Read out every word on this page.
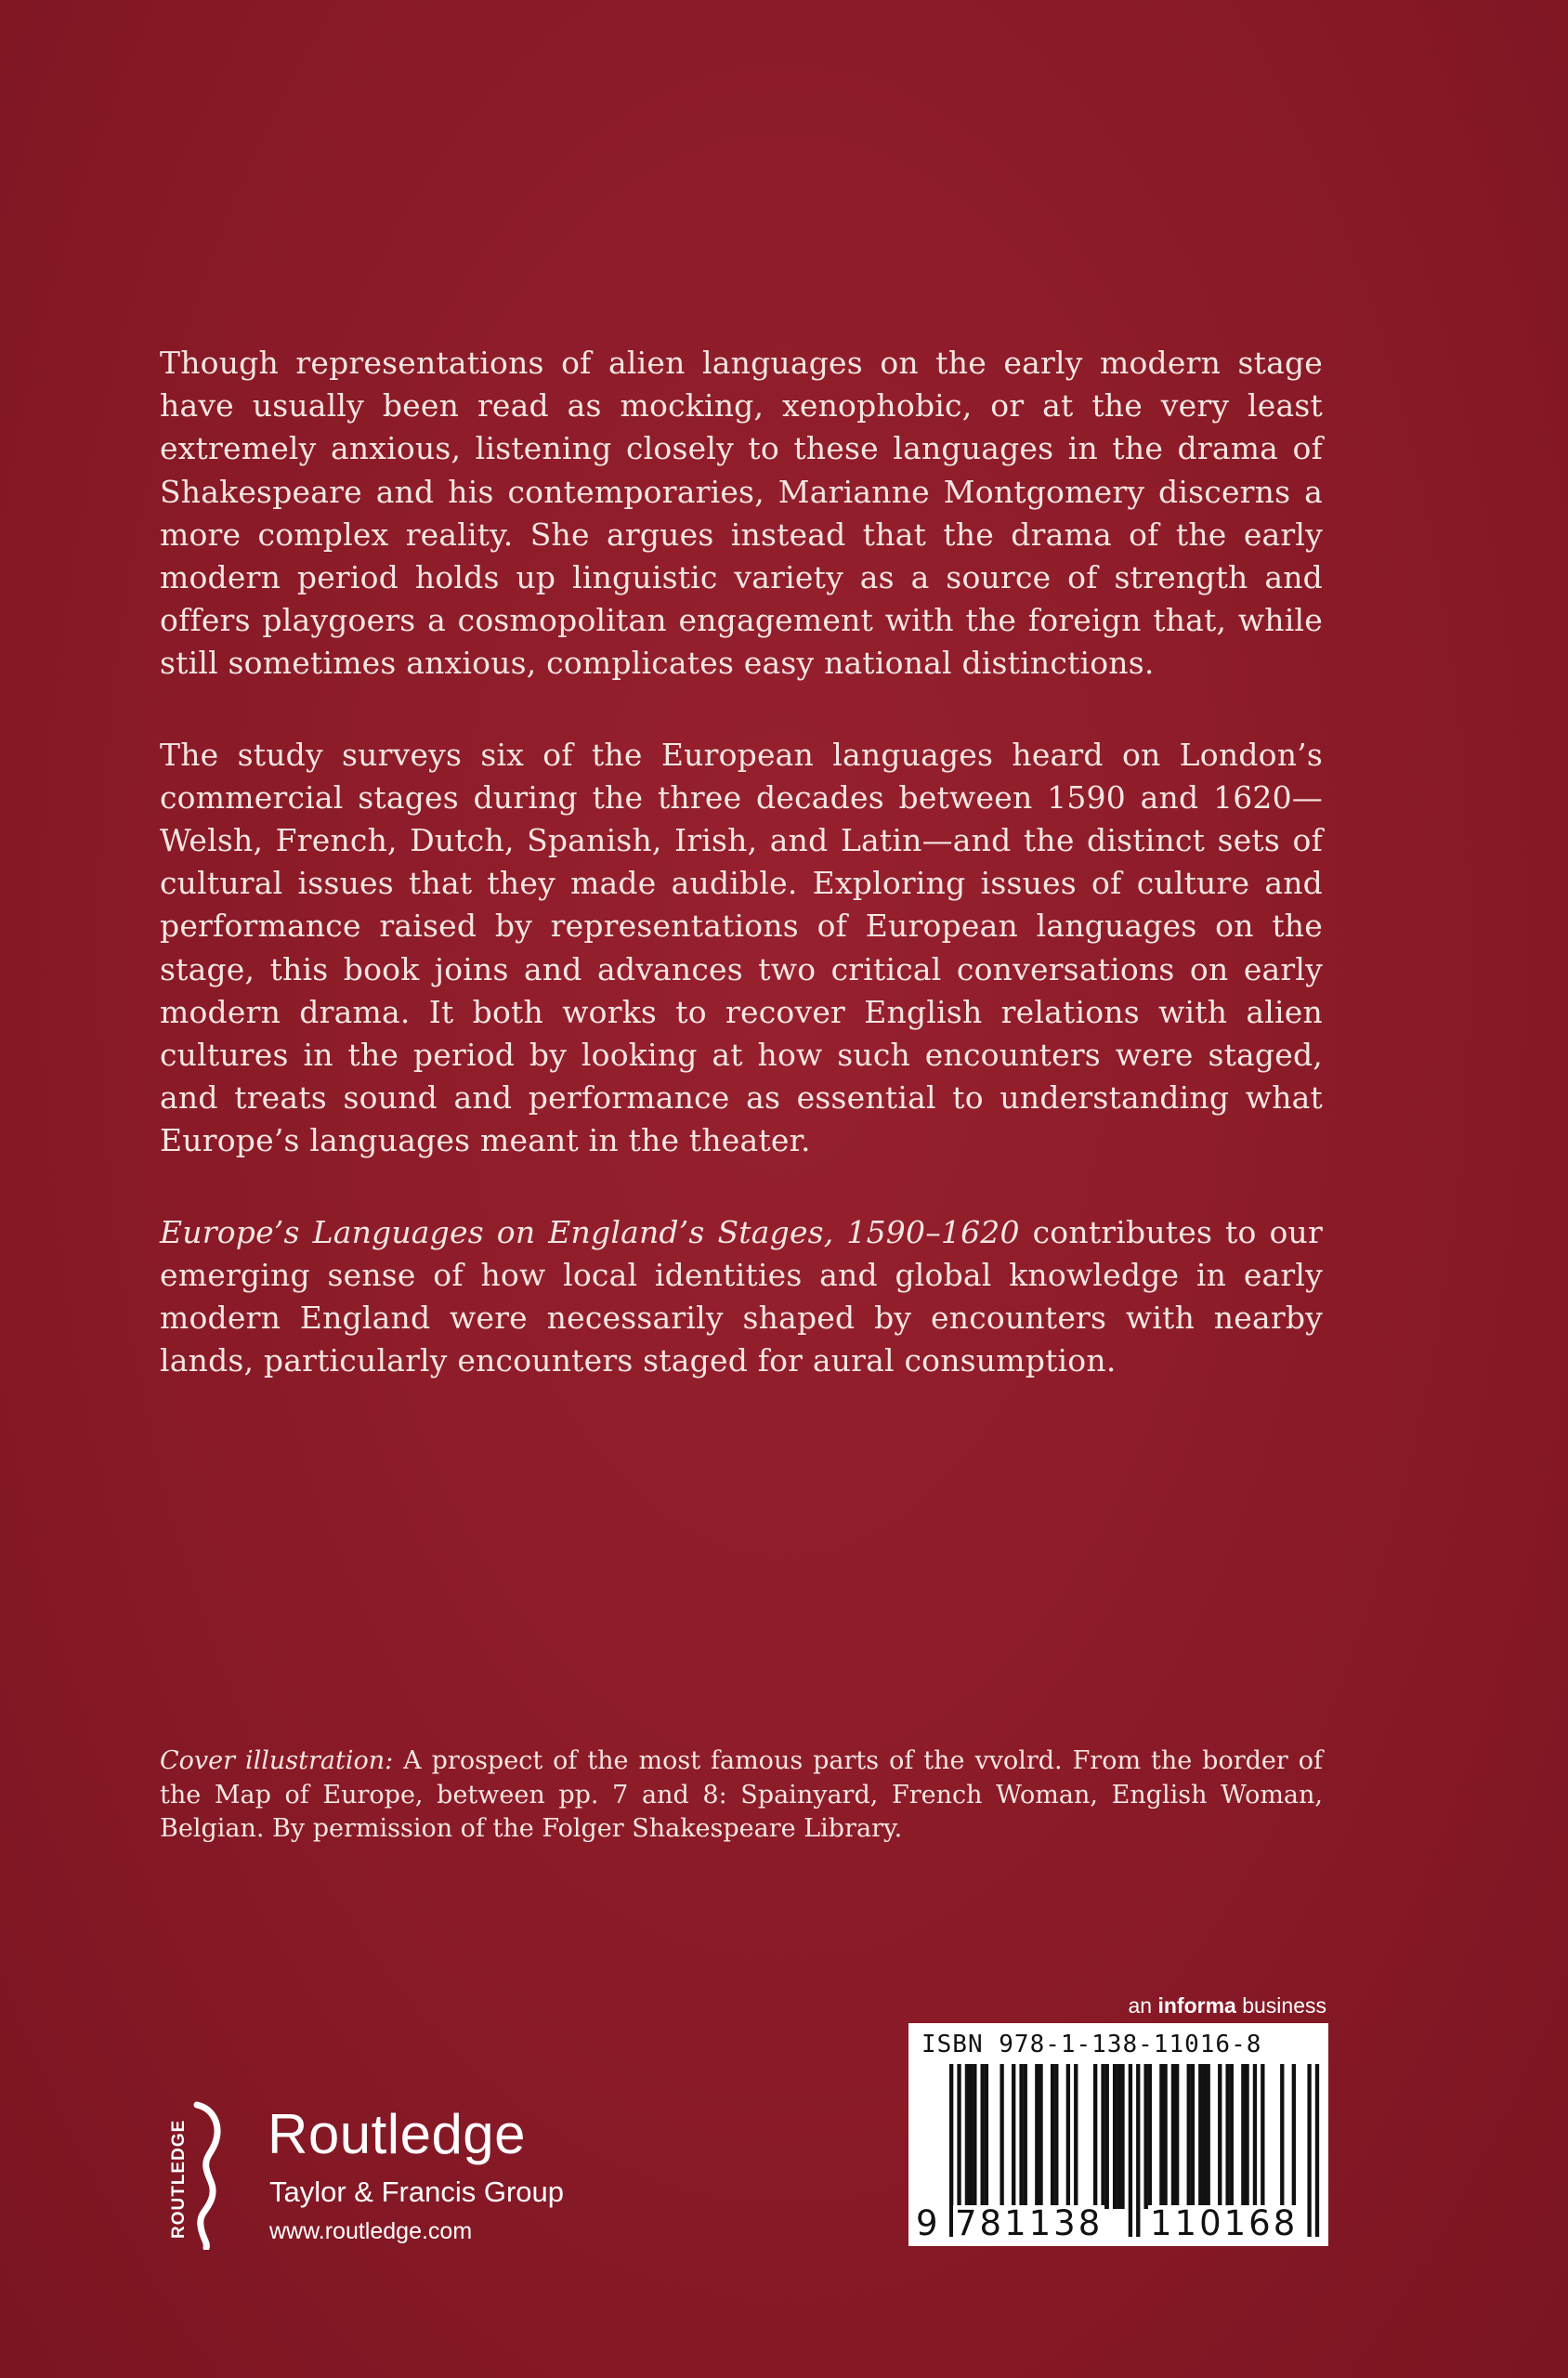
Though representations of alien languages on the early modern stage have usually been read as mocking, xenophobic, or at the very least extremely anxious, listening closely to these languages in the drama of Shakespeare and his contemporaries, Marianne Montgomery discerns a more complex reality. She argues instead that the drama of the early modern period holds up linguistic variety as a source of strength and offers playgoers a cosmopolitan engagement with the foreign that, while still sometimes anxious, complicates easy national distinctions.

The study surveys six of the European languages heard on London’s commercial stages during the three decades between 1590 and 1620—Welsh, French, Dutch, Spanish, Irish, and Latin—and the distinct sets of cultural issues that they made audible. Exploring issues of culture and performance raised by representations of European languages on the stage, this book joins and advances two critical conversations on early modern drama. It both works to recover English relations with alien cultures in the period by looking at how such encounters were staged, and treats sound and performance as essential to understanding what Europe’s languages meant in the theater.

Europe’s Languages on England’s Stages, 1590–1620 contributes to our emerging sense of how local identities and global knowledge in early modern England were necessarily shaped by encounters with nearby lands, particularly encounters staged for aural consumption.

Cover illustration: A prospect of the most famous parts of the vvolrd. From the border of the Map of Europe, between pp. 7 and 8: Spainyard, French Woman, English Woman, Belgian. By permission of the Folger Shakespeare Library.
an informa business
ISBN 978-1-138-11016-8
9 781138 110168
ROUTLEDGE Routledge
Taylor & Francis Group
www.routledge.com
